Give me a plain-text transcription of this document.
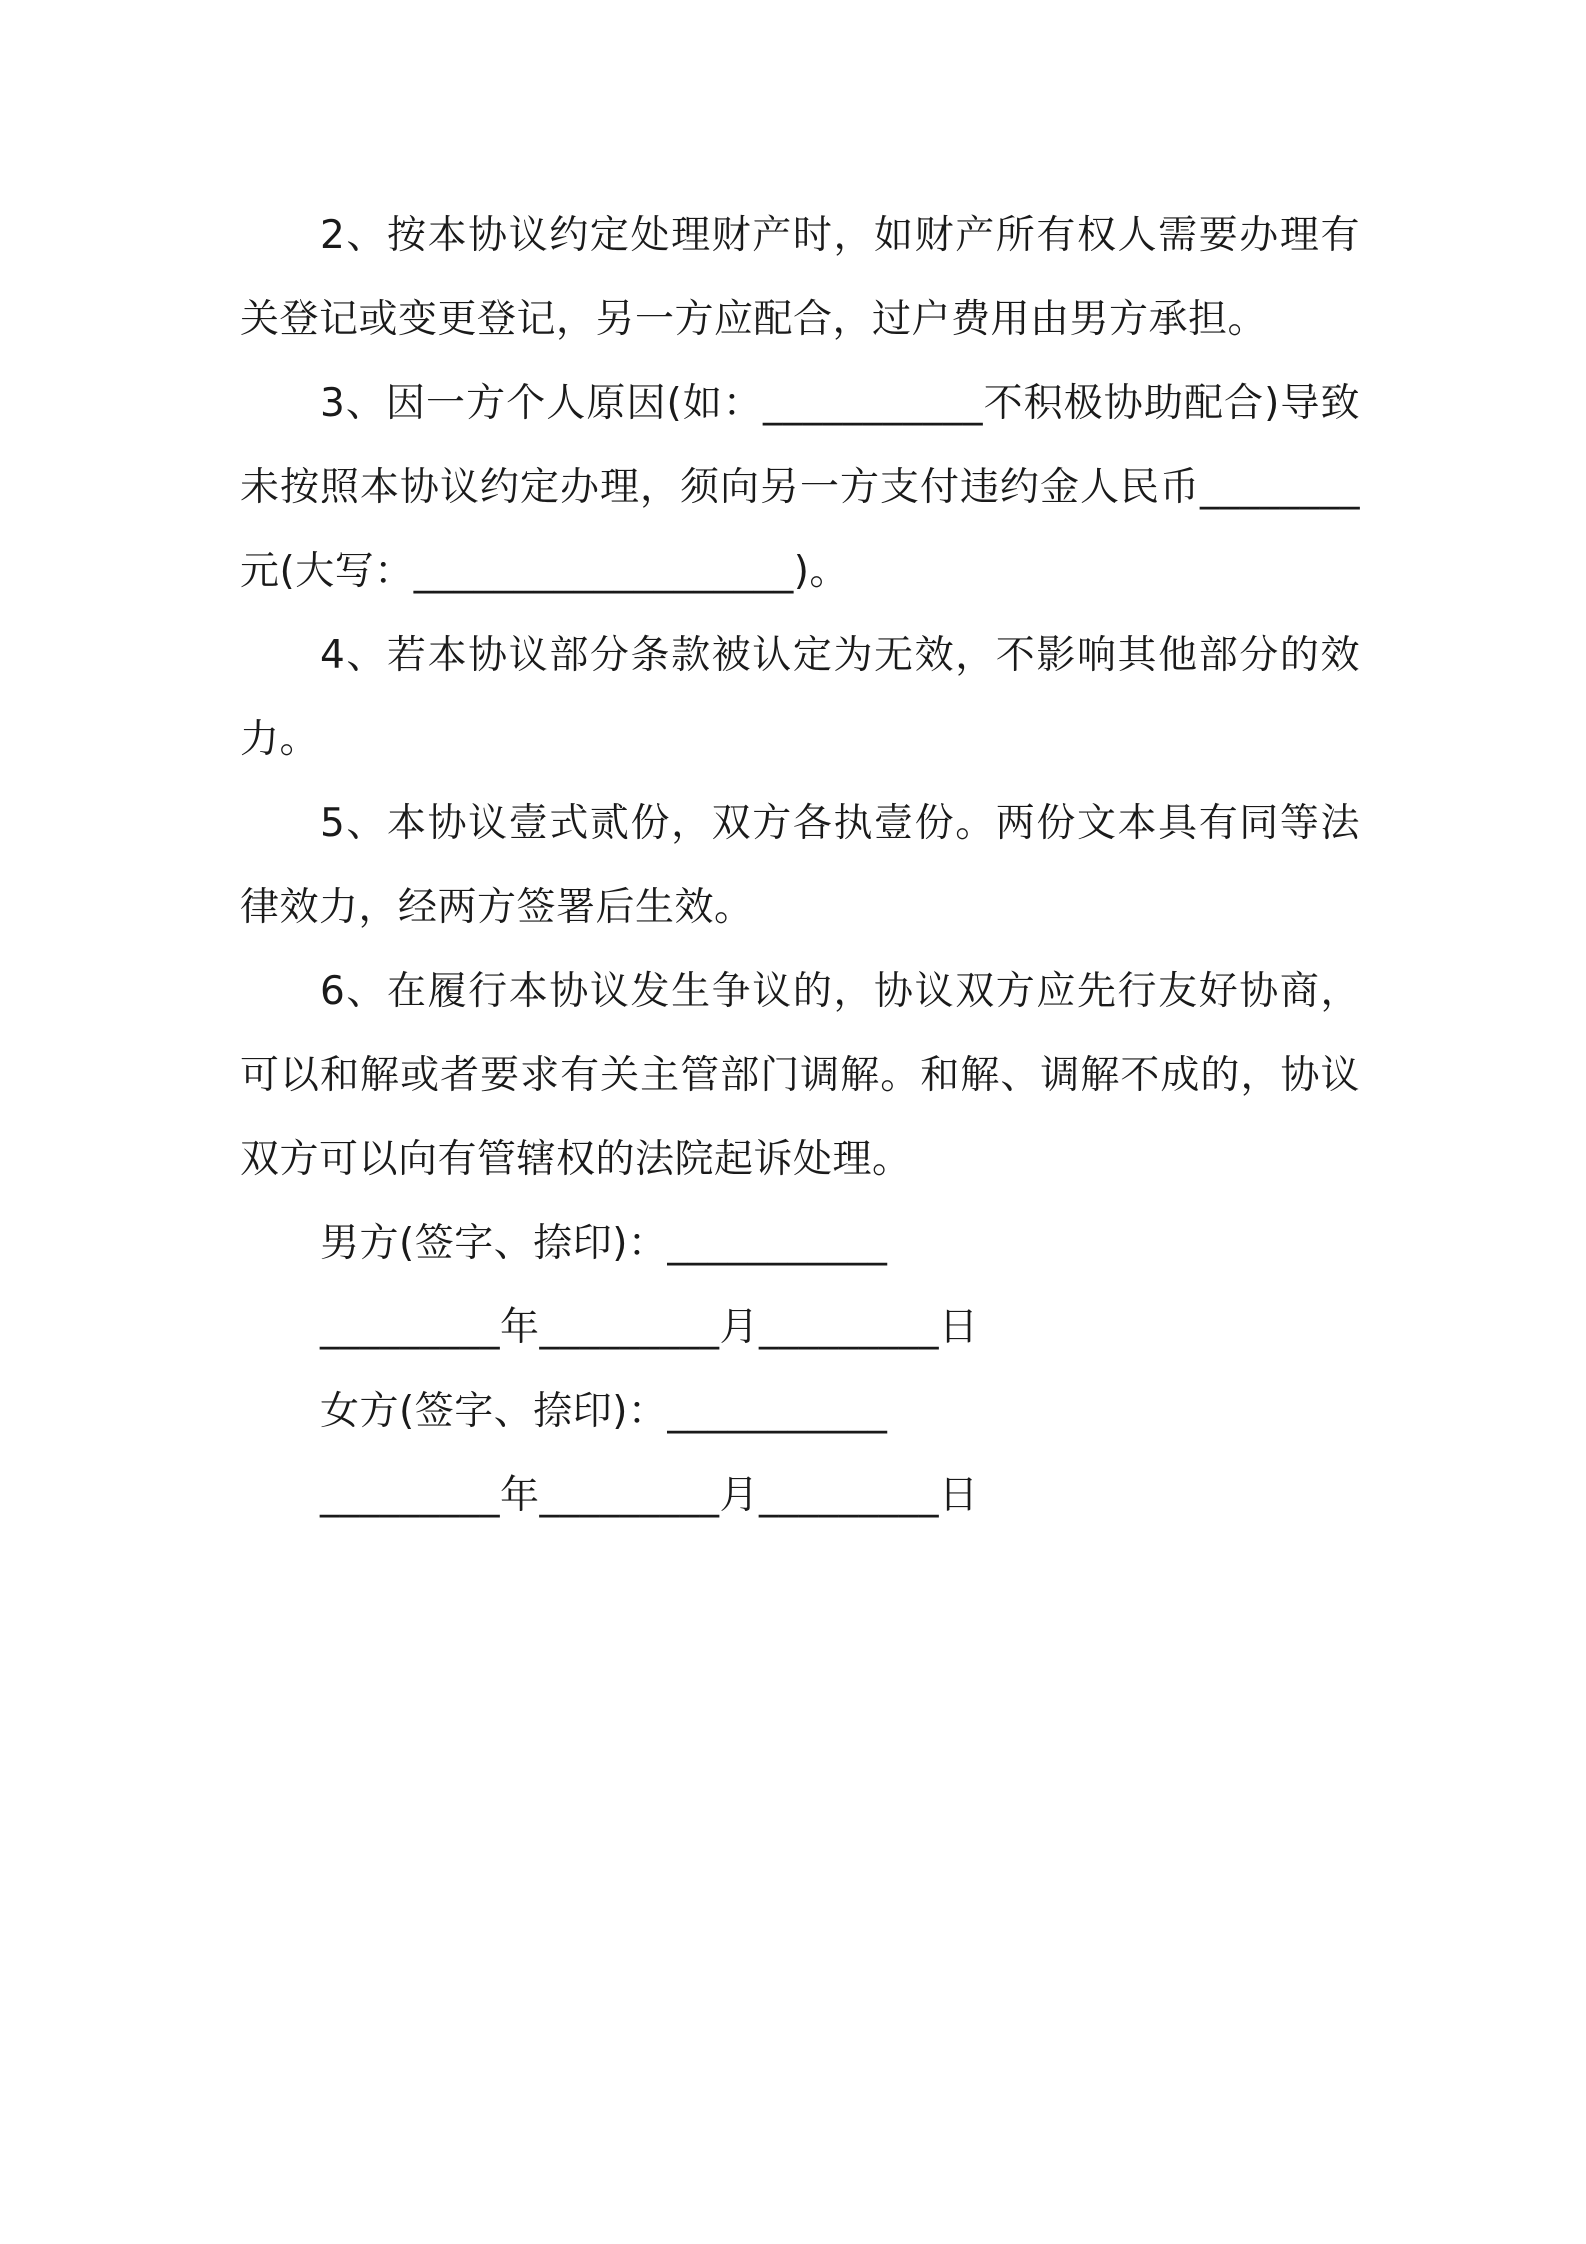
2、按本协议约定处理财产时，如财产所有权人需要办理有
关登记或变更登记，另一方应配合，过户费用由男方承担。
3、因一方个人原因(如：___________不积极协助配合)导致
未按照本协议约定办理，须向另一方支付违约金人民币________
元(大写：___________________)。
4、若本协议部分条款被认定为无效，不影响其他部分的效
力。
5、本协议壹式贰份，双方各执壹份。两份文本具有同等法
律效力，经两方签署后生效。
6、在履行本协议发生争议的，协议双方应先行友好协商，
可以和解或者要求有关主管部门调解。和解、调解不成的，协议
双方可以向有管辖权的法院起诉处理。
男方(签字、捺印)：___________
_________年_________月_________日
女方(签字、捺印)：___________
_________年_________月_________日
